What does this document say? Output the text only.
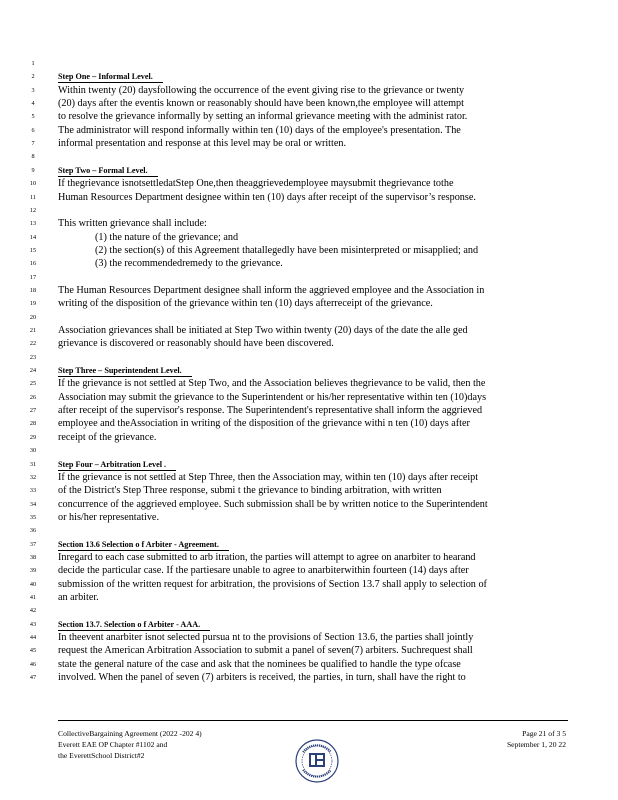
1
2	Step One – Informal Level.
3	Within twenty (20) daysfollowing the occurrence of the event giving rise to the grievance or twenty
4	(20) days after the eventis known or reasonably should have been known,the employee will attempt
5	to resolve the grievance informally by setting an informal grievance meeting with the administ rator.
6	The administrator will respond informally within ten (10) days of the employee's presentation. The
7	informal presentation and response at this level may be oral or written.
8
9	Step Two – Formal Level.
10	If thegrievance isnotsettledatStep One,then theaggrievedemployee maysubmit thegrievance tothe
11	Human Resources Department designee within ten (10) days after receipt of the supervisor’s response.
12
13	This written grievance shall include:
14	(1) the nature of the grievance; and
15	(2) the section(s) of this Agreement thatallegedly have been misinterpreted or misapplied; and
16	(3) the recommendedremedy to the grievance.
17
18	The Human Resources Department designee shall inform the aggrieved employee and the Association in
19	writing of the disposition of the grievance within ten (10) days afterreceipt of the grievance.
20
21	Association grievances shall be initiated at Step Two within twenty (20) days of the date the alle ged
22	grievance is discovered or reasonably should have been discovered.
23
24	Step Three – Superintendent Level.
25	If the grievance is not settled at Step Two, and the Association believes thegrievance to be valid, then the
26	Association may submit the grievance to the Superintendent or his/her representative within ten (10)days
27	after receipt of the supervisor's response. The Superintendent's representative shall inform the aggrieved
28	employee and theAssociation in writing of the disposition of the grievance withi n ten (10) days after
29	receipt of the grievance.
30
31	Step Four – Arbitration Level .
32	If the grievance is not settled at Step Three, then the Association may, within ten (10) days after receipt
33	of the District's Step Three response, submi t the grievance to binding arbitration, with written
34	concurrence of the aggrieved employee. Such submission shall be by written notice to the Superintendent
35	or his/her representative.
36
37	Section 13.6 Selection o f Arbiter - Agreement.
38	Inregard to each case submitted to arb itration, the parties will attempt to agree on anarbiter to hearand
39	decide the particular case. If the partiesare unable to agree to anarbiterwithin fourteen (14) days after
40	submission of the written request for arbitration, the provisions of Section 13.7 shall apply to selection of
41	an arbiter.
42
43	Section 13.7. Selection o f Arbiter - AAA.
44	In theevent anarbiter isnot selected pursua nt to the provisions of Section 13.6, the parties shall jointly
45	request the American Arbitration Association to submit a panel of seven(7) arbiters. Suchrequest shall
46	state the general nature of the case and ask that the nominees be qualified to handle the type ofcase
47	involved. When the panel of seven (7) arbiters is received, the parties, in turn, shall have the right to
CollectiveBargaining Agreement (2022 -202 4)
Everett EAE OP Chapter #1102 and
the EverettSchool District#2
Page 21 of 3 5
September 1, 20 22
